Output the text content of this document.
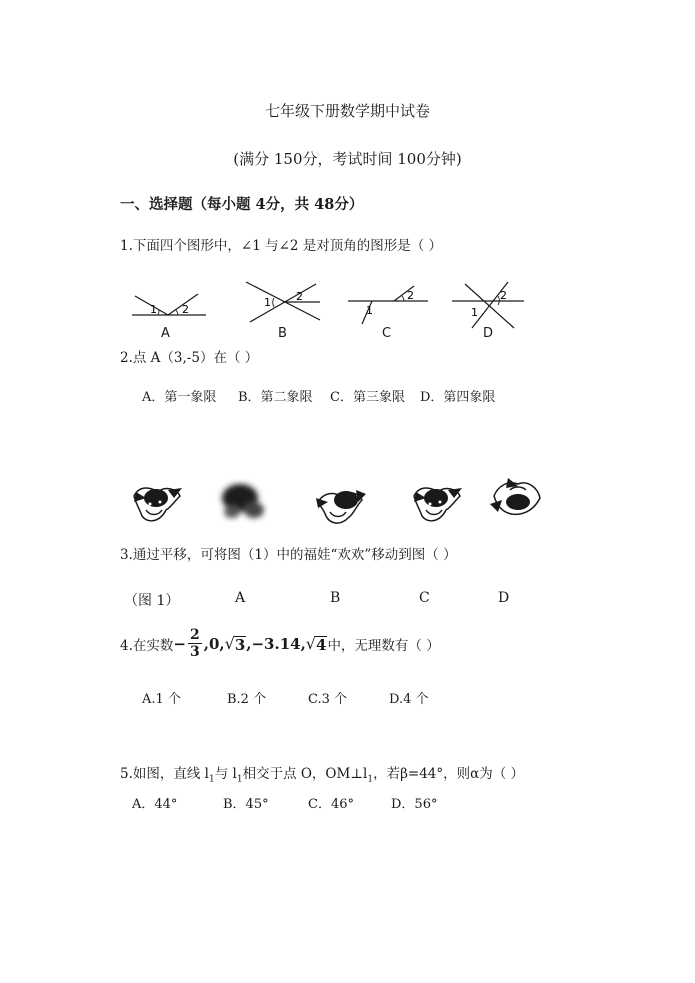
七年级下册数学期中试卷
(满分 150分，考试时间 100分钟)
一、选择题（每小题 4分，共 48分）
1.下面四个图形中，∠1 与∠2 是对顶角的图形是（ ）
1 2
1 2
1
2
1
2
A	B	C	D
2.点 A（3,-5）在（ ）
A．第一象限 B．第二象限 C．第三象限 D．第四象限
3.通过平移，可将图（1）中的福娃“欢欢”移动到图（ ）
（图 1）	A	B	C	D
4.在实数 − $\frac{2}{3} ,0$, √ 3 ,−3.14, √ 4 中，无理数有（ ）
A.1 个	B.2 个	C.3 个	D.4 个
5.如图，直线 $l_1$与 $l_1$相交于点 O，$OM\perp l_1$，若β=44°，则α为（ ）
A．44°	B．45°	C．46°	D．56°
